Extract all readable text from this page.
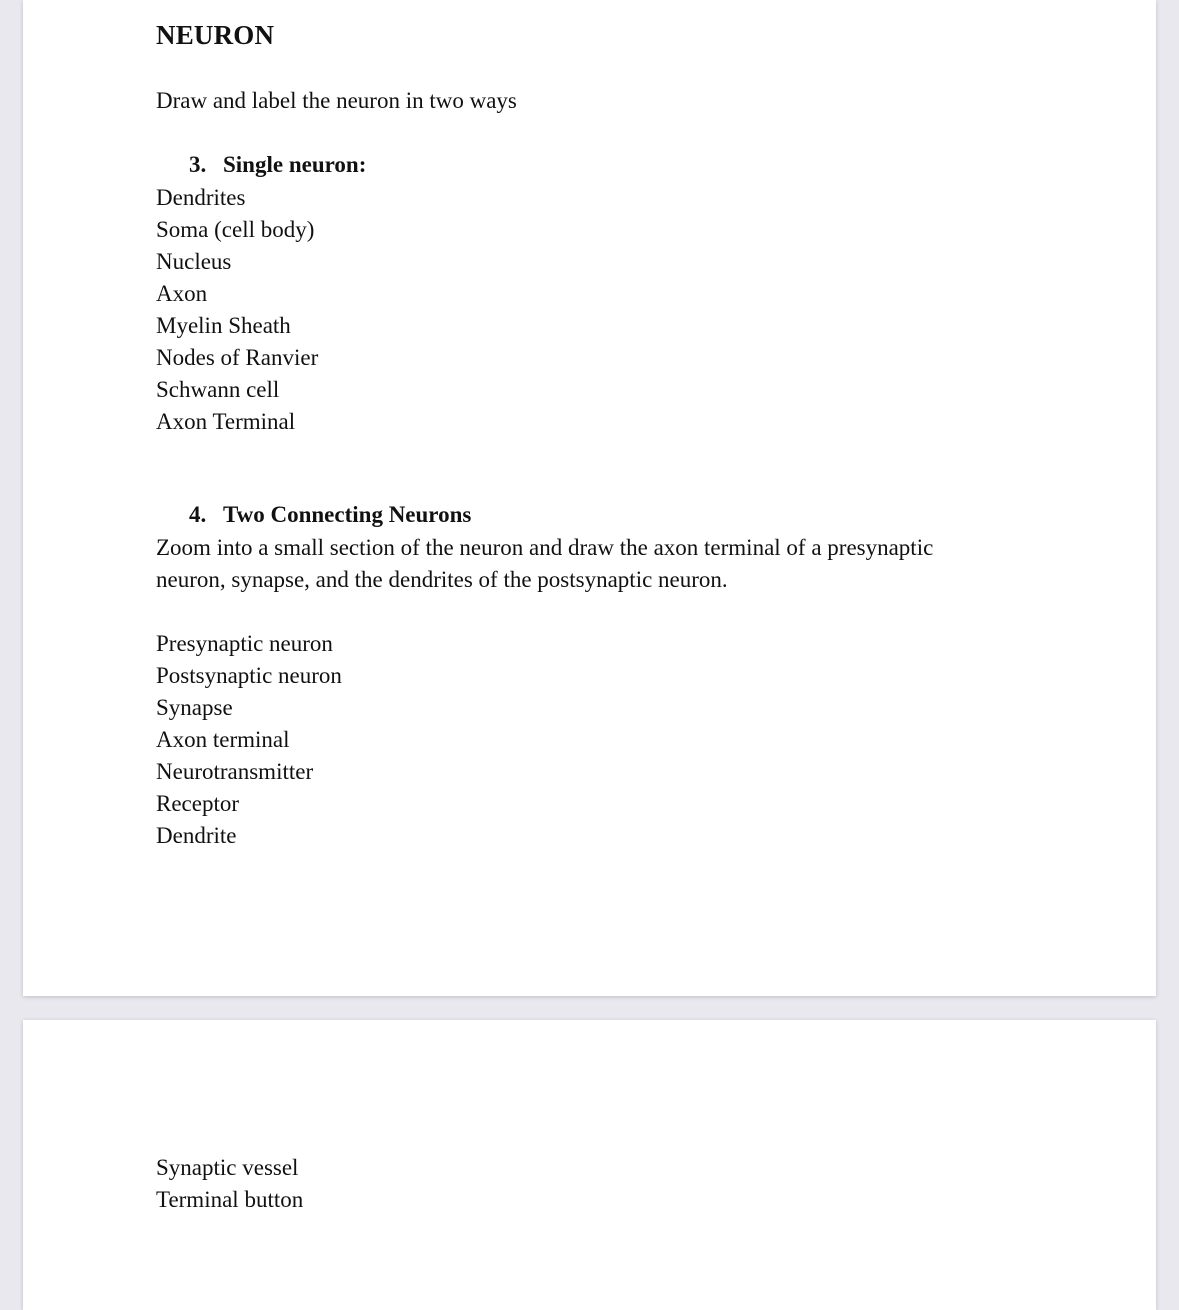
NEURON
Draw and label the neuron in two ways
3. Single neuron:
Dendrites
Soma (cell body)
Nucleus
Axon
Myelin Sheath
Nodes of Ranvier
Schwann cell
Axon Terminal
4. Two Connecting Neurons
Zoom into a small section of the neuron and draw the axon terminal of a presynaptic neuron, synapse, and the dendrites of the postsynaptic neuron.
Presynaptic neuron
Postsynaptic neuron
Synapse
Axon terminal
Neurotransmitter
Receptor
Dendrite
Synaptic vessel
Terminal button
